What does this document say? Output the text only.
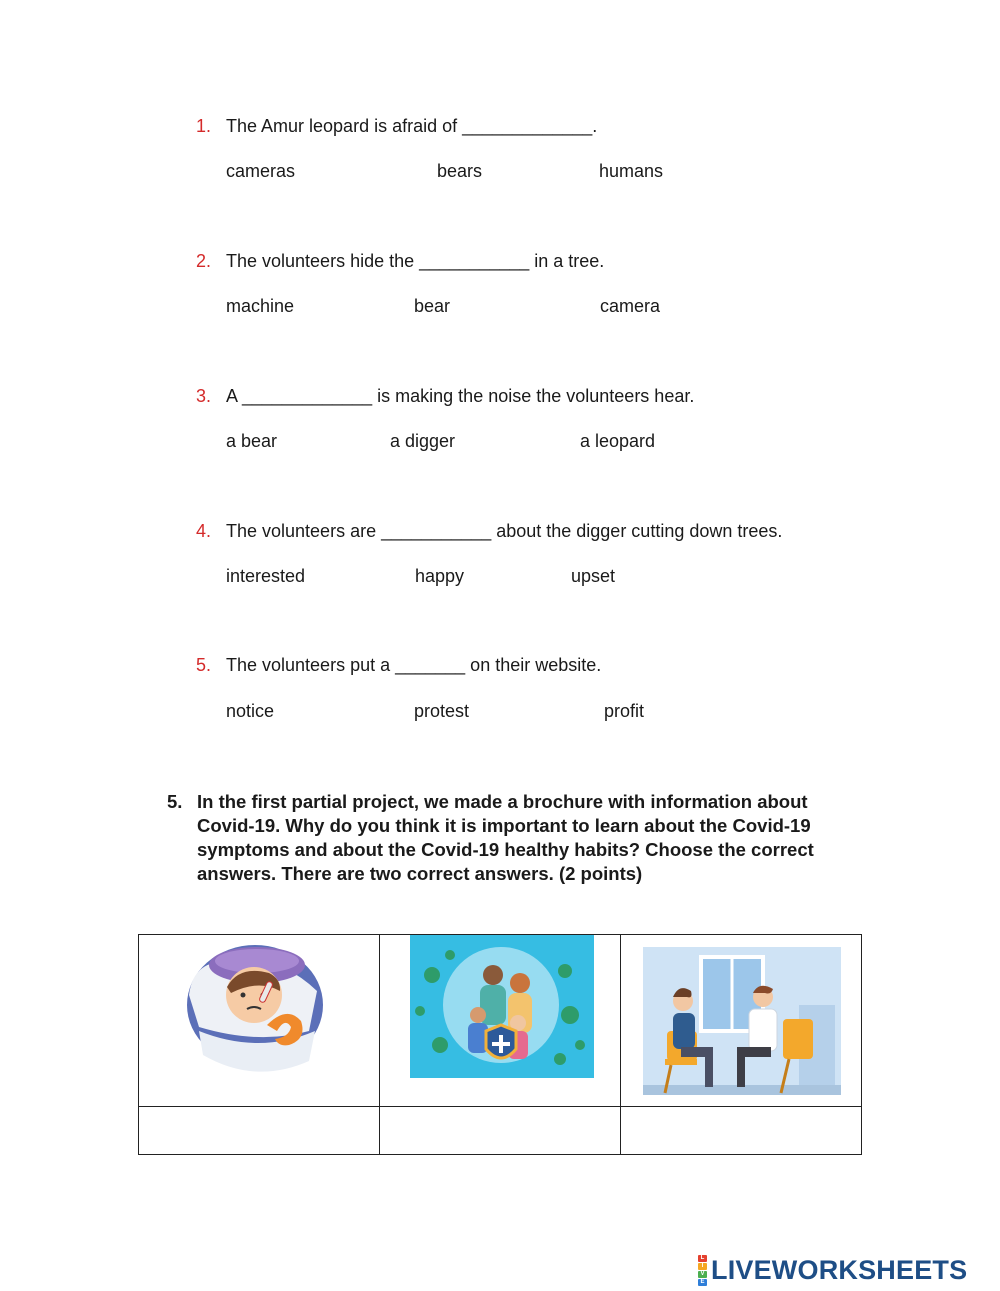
1. The Amur leopard is afraid of _____________.
cameras	bears	humans
2. The volunteers hide the ___________ in a tree.
machine	bear	camera
3. A _____________ is making the noise the volunteers hear.
a bear	a digger	a leopard
4. The volunteers are ___________ about the digger cutting down trees.
interested	happy	upset
5. The volunteers put a _______ on their website.
notice	protest	profit
5. In the first partial project, we made a brochure with information about Covid-19. Why do you think it is important to learn about the Covid-19 symptoms and about the Covid-19 healthy habits? Choose the correct answers. There are two correct answers. (2 points)

L
I
V
E LIVEWORKSHEETS
